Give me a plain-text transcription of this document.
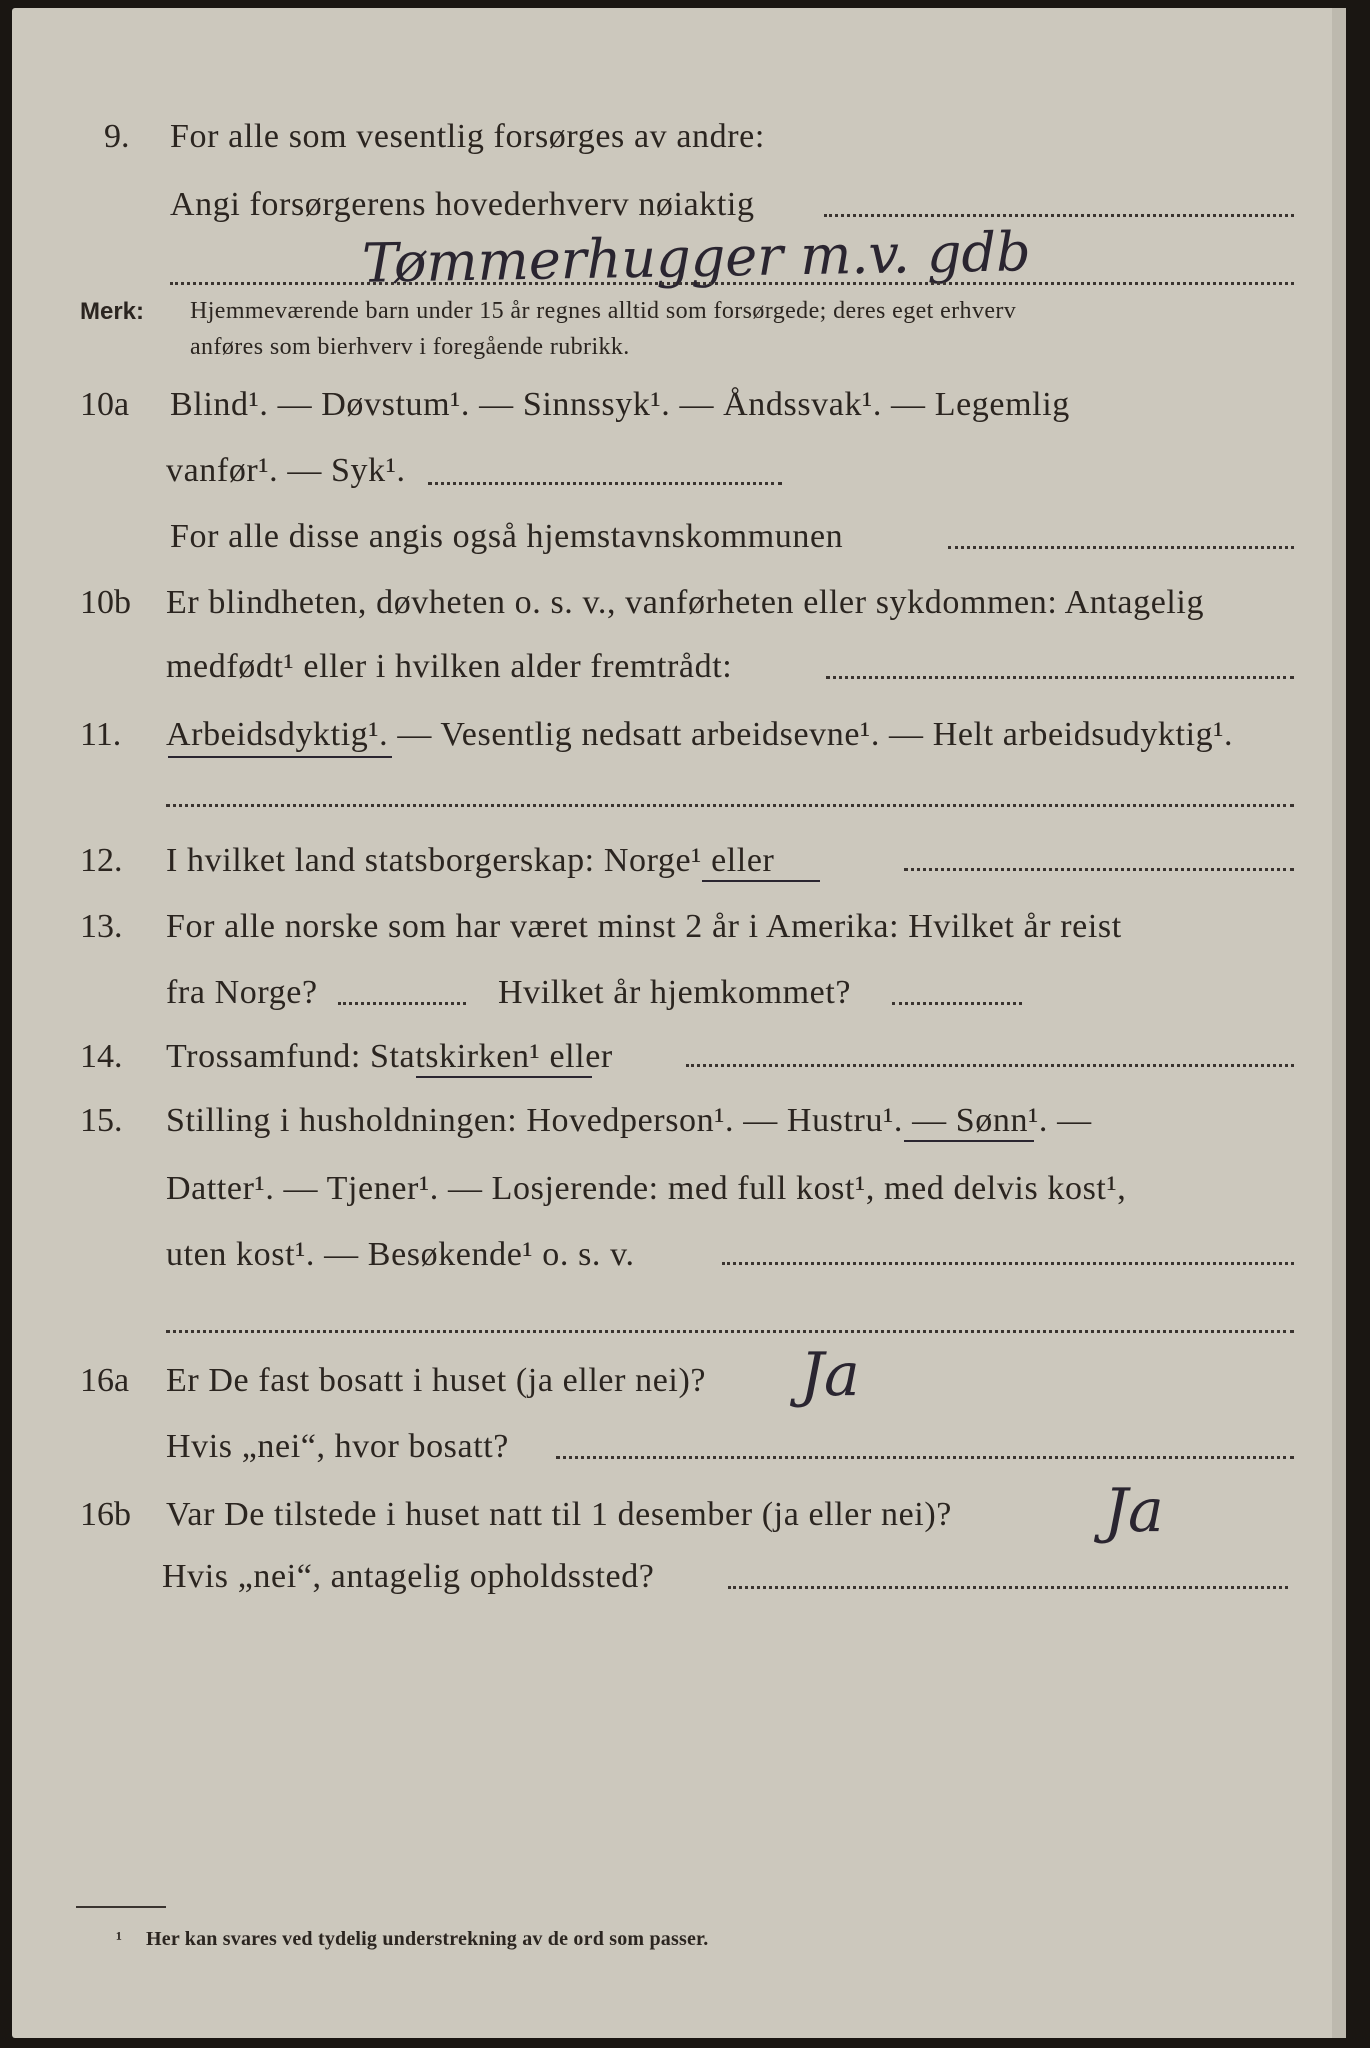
9. For alle som vesentlig forsørges av andre:
Angi forsørgerens hovederhverv nøiaktig
Tømmerhugger m.v. gdb
Merk: Hjemmeværende barn under 15 år regnes alltid som forsørgede; deres eget erhverv
anføres som bierhverv i foregående rubrikk.
10a Blind¹. — Døvstum¹. — Sinnssyk¹. — Åndssvak¹. — Legemlig
vanfør¹. — Syk¹.
For alle disse angis også hjemstavnskommunen
10b Er blindheten, døvheten o. s. v., vanførheten eller sykdommen: Antagelig
medfødt¹ eller i hvilken alder fremtrådt:
11. Arbeidsdyktig¹. — Vesentlig nedsatt arbeidsevne¹. — Helt arbeidsudyktig¹.
12. I hvilket land statsborgerskap: Norge¹ eller
13. For alle norske som har været minst 2 år i Amerika: Hvilket år reist
fra Norge?	Hvilket år hjemkommet?
14. Trossamfund: Statskirken¹ eller
15. Stilling i husholdningen: Hovedperson¹. — Hustru¹. — Sønn¹. —
Datter¹. — Tjener¹. — Losjerende: med full kost¹, med delvis kost¹,
uten kost¹. — Besøkende¹ o. s. v.
16a Er De fast bosatt i huset (ja eller nei)? Ja
Hvis „nei“, hvor bosatt?
16b Var De tilstede i huset natt til 1 desember (ja eller nei)?	Ja
Hvis „nei“, antagelig opholdssted?
¹ Her kan svares ved tydelig understrekning av de ord som passer.
